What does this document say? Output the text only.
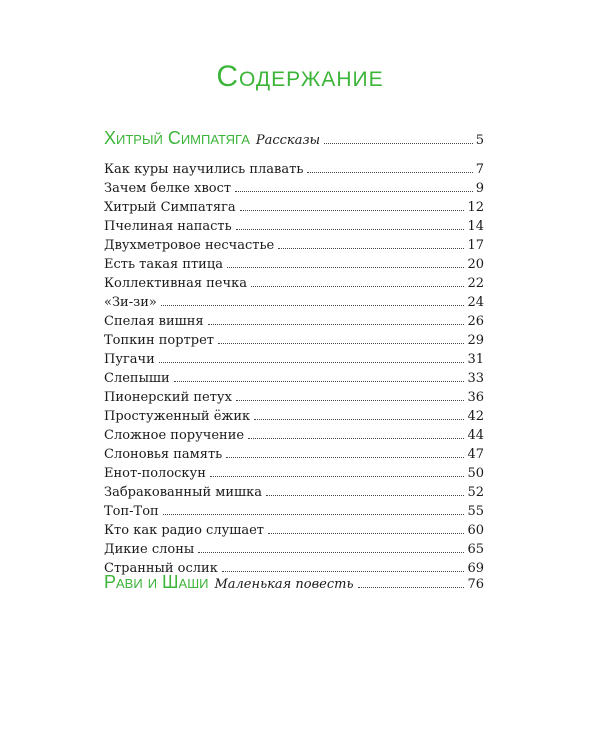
Содержание
Хитрый Симпатяга Рассказы	5
Как куры научились плавать	7
Зачем белке хвост	9
Хитрый Симпатяга	12
Пчелиная напасть	14
Двухметровое несчастье	17
Есть такая птица	20
Коллективная печка	22
«Зи-зи»	24
Спелая вишня	26
Топкин портрет	29
Пугачи	31
Слепыши	33
Пионерский петух	36
Простуженный ёжик	42
Сложное поручение	44
Слоновья память	47
Енот-полоскун	50
Забракованный мишка	52
Топ-Топ	55
Кто как радио слушает	60
Дикие слоны	65
Странный ослик	69
Рави и Шаши Маленькая повесть	76
